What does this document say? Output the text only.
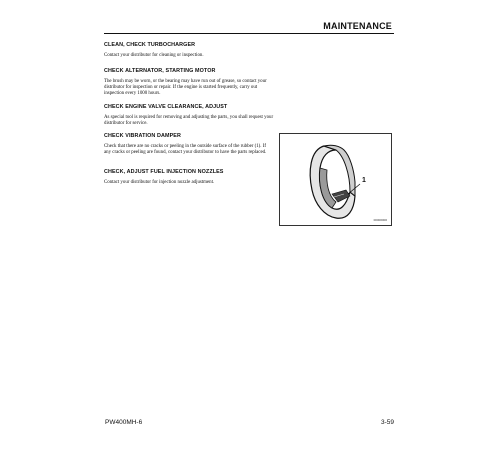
MAINTENANCE

CLEAN, CHECK TURBOCHARGER

Contact your distributor for cleaning or inspection.

CHECK ALTERNATOR, STARTING MOTOR

The brush may be worn, or the bearing may have run out of grease, so contact your distributor for inspection or repair. If the engine is started frequently, carry out inspection every 1000 hours.

CHECK ENGINE VALVE CLEARANCE, ADJUST

As special tool is required for removing and adjusting the parts, you shall request your distributor for service.

CHECK VIBRATION DAMPER

Check that there are no cracks or peeling in the outside surface of the rubber (1). If any cracks or peeling are found, contact your distributor to have the parts replaced.

CHECK, ADJUST FUEL INJECTION NOZZLES

Contact your distributor for injection nozzle adjustment.	1
00000000
PW400MH-6	3-59
